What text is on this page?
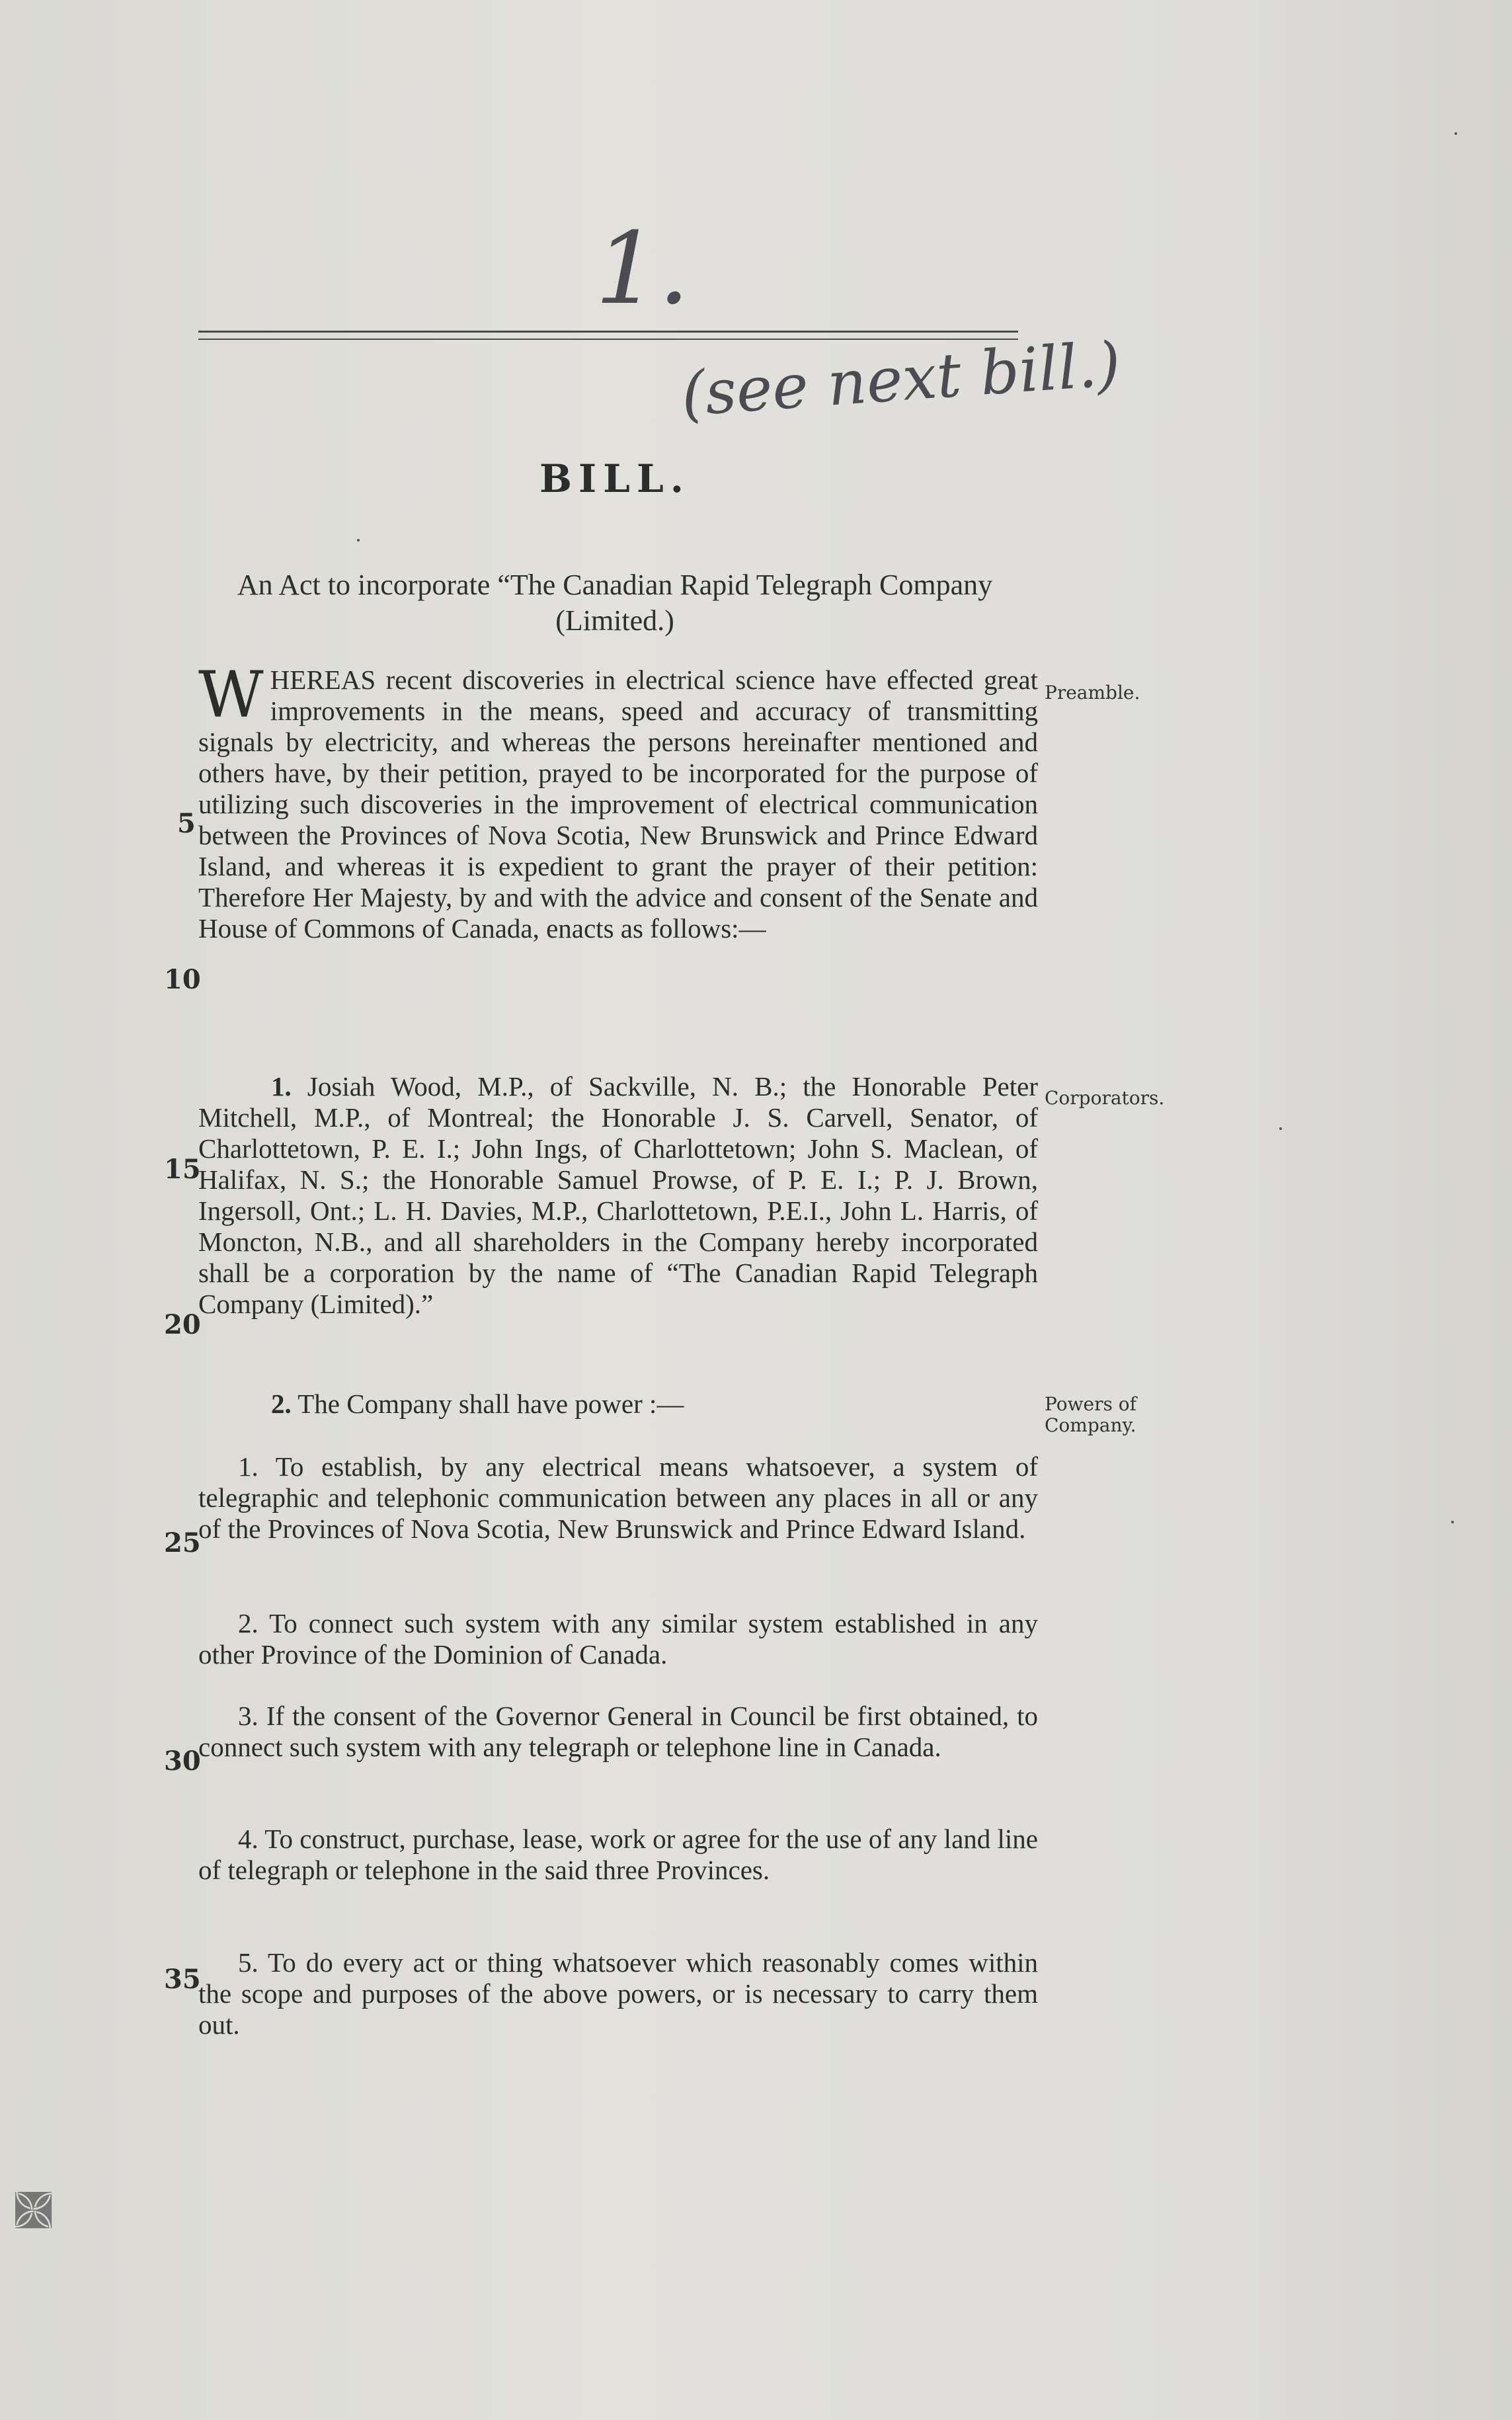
1.
(see next bill.)
BILL.
An Act to incorporate “The Canadian Rapid Telegraph Company (Limited.)
WHEREAS recent discoveries in electrical science have effected great improvements in the means, speed and accuracy of transmitting signals by electricity, and whereas the persons hereinafter mentioned and others have, by their petition, prayed to be incorporated for the purpose of utilizing such discoveries in the improvement of electrical communication between the Provinces of Nova Scotia, New Brunswick and Prince Edward Island, and whereas it is expedient to grant the prayer of their petition: Therefore Her Majesty, by and with the advice and consent of the Senate and House of Commons of Canada, enacts as follows:—
Preamble.
1. Josiah Wood, M.P., of Sackville, N. B.; the Honorable Peter Mitchell, M.P., of Montreal; the Honorable J. S. Carvell, Senator, of Charlottetown, P. E. I.; John Ings, of Charlottetown; John S. Maclean, of Halifax, N. S.; the Honorable Samuel Prowse, of P. E. I.; P. J. Brown, Ingersoll, Ont.; L. H. Davies, M.P., Charlottetown, P.E.I., John L. Harris, of Moncton, N.B., and all shareholders in the Company hereby incorporated shall be a corporation by the name of “The Canadian Rapid Telegraph Company (Limited).”
Corporators.
2. The Company shall have power :—	Powers of
Company.
1. To establish, by any electrical means whatsoever, a system of telegraphic and telephonic communication between any places in all or any of the Provinces of Nova Scotia, New Brunswick and Prince Edward Island.
2. To connect such system with any similar system established in any other Province of the Dominion of Canada.
3. If the consent of the Governor General in Council be first obtained, to connect such system with any telegraph or telephone line in Canada.
4. To construct, purchase, lease, work or agree for the use of any land line of telegraph or telephone in the said three Provinces.
5. To do every act or thing whatsoever which reasonably comes within the scope and purposes of the above powers, or is necessary to carry them out.
5
10
15
20
25
30
35
🙫
